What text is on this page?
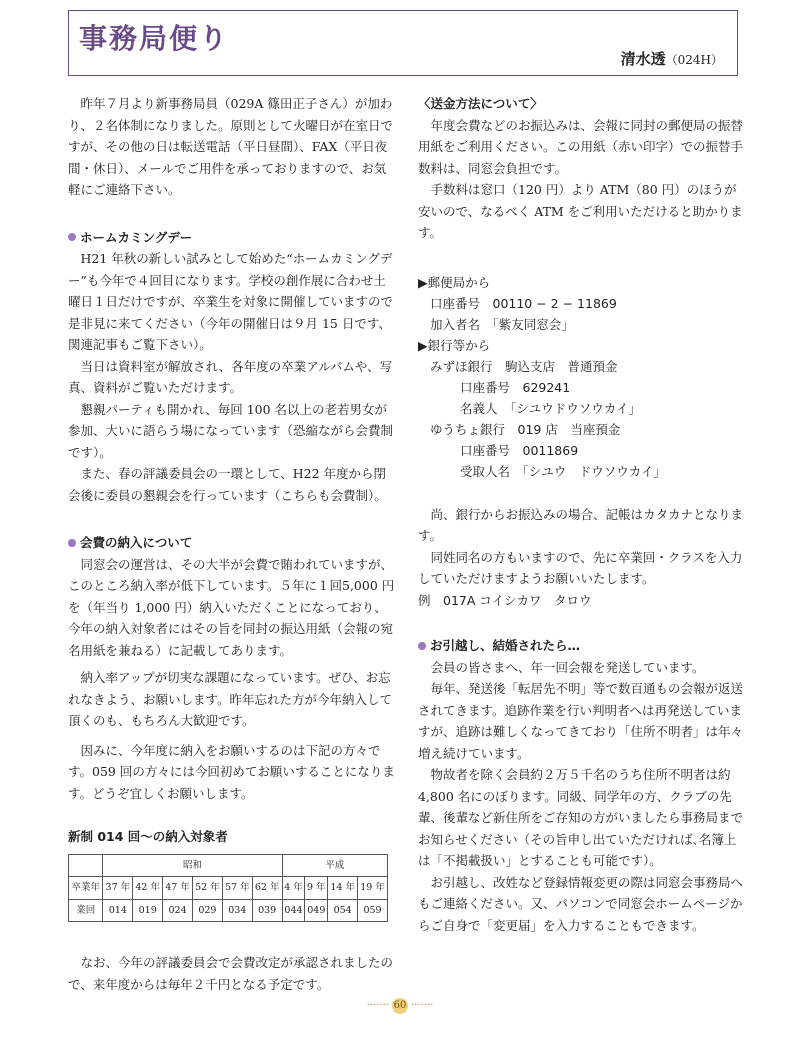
事務局便り
清水透（024H）

昨年７月より新事務局員（029A 篠田正子さん）が加わり、２名体制になりました。原則として火曜日が在室日ですが、その他の日は転送電話（平日昼間）、FAX（平日夜間・休日）、メールでご用件を承っておりますので、お気軽にご連絡下さい。

ホームカミングデー

H21 年秋の新しい試みとして始めた“ホームカミングデー”も今年で４回目になります。学校の創作展に合わせ土曜日１日だけですが、卒業生を対象に開催していますので是非見に来てください（今年の開催日は９月 15 日です、関連記事もご覧下さい）。

当日は資料室が解放され、各年度の卒業アルバムや、写真、資料がご覧いただけます。

懇親パーティも開かれ、毎回 100 名以上の老若男女が参加、大いに語らう場になっています（恐縮ながら会費制です）。

また、春の評議委員会の一環として、H22 年度から閉会後に委員の懇親会を行っています（こちらも会費制）。

会費の納入について

同窓会の運営は、その大半が会費で賄われていますが、このところ納入率が低下しています。５年に１回5,000 円を（年当り 1,000 円）納入いただくことになっており、今年の納入対象者にはその旨を同封の振込用紙（会報の宛名用紙を兼ねる）に記載してあります。

納入率アップが切実な課題になっています。ぜひ、お忘れなきよう、お願いします。昨年忘れた方が今年納入して頂くのも、もちろん大歓迎です。

因みに、今年度に納入をお願いするのは下記の方々です。059 回の方々には今回初めてお願いすることになります。どうぞ宜しくお願いします。

新制 014 回～の納入対象者
	昭和						平成			
卒業年	37 年	42 年	47 年	52 年	57 年	62 年	4 年	9 年	14 年	19 年
業回	014	019	024	029	034	039	044	049	054	059

なお、今年の評議委員会で会費改定が承認されましたので、来年度からは毎年２千円となる予定です。

〈送金方法について〉

年度会費などのお振込みは、会報に同封の郵便局の振替用紙をご利用ください。この用紙（赤い印字）での振替手数料は、同窓会負担です。

手数料は窓口（120 円）より ATM（80 円）のほうが安いので、なるべく ATM をご利用いただけると助かります。

▶郵便局から
口座番号　00110 − 2 − 11869
加入者名　「紫友同窓会」
▶銀行等から
みずほ銀行　駒込支店　普通預金
口座番号　629241
名義人　「シユウドウソウカイ」
ゆうちょ銀行　019 店　当座預金
口座番号　0011869
受取人名　「シユウ　ドウソウカイ」

尚、銀行からお振込みの場合、記帳はカタカナとなります。

同姓同名の方もいますので、先に卒業回・クラスを入力していただけますようお願いいたします。

例　017A コイシカワ　タロウ
お引越し、結婚されたら…

会員の皆さまへ、年一回会報を発送しています。

毎年、発送後「転居先不明」等で数百通もの会報が返送されてきます。追跡作業を行い判明者へは再発送していますが、追跡は難しくなってきており「住所不明者」は年々増え続けています。

物故者を除く会員約２万５千名のうち住所不明者は約 4,800 名にのぼります。同級、同学年の方、クラブの先輩、後輩など新住所をご存知の方がいましたら事務局までお知らせください（その旨申し出ていただければ､名簿上は「不掲載扱い」とすることも可能です）。

お引越し、改姓など登録情報変更の際は同窓会事務局へもご連絡ください。又、パソコンで同窓会ホームページからご自身で「変更届」を入力することもできます。

······· 60 ·······
